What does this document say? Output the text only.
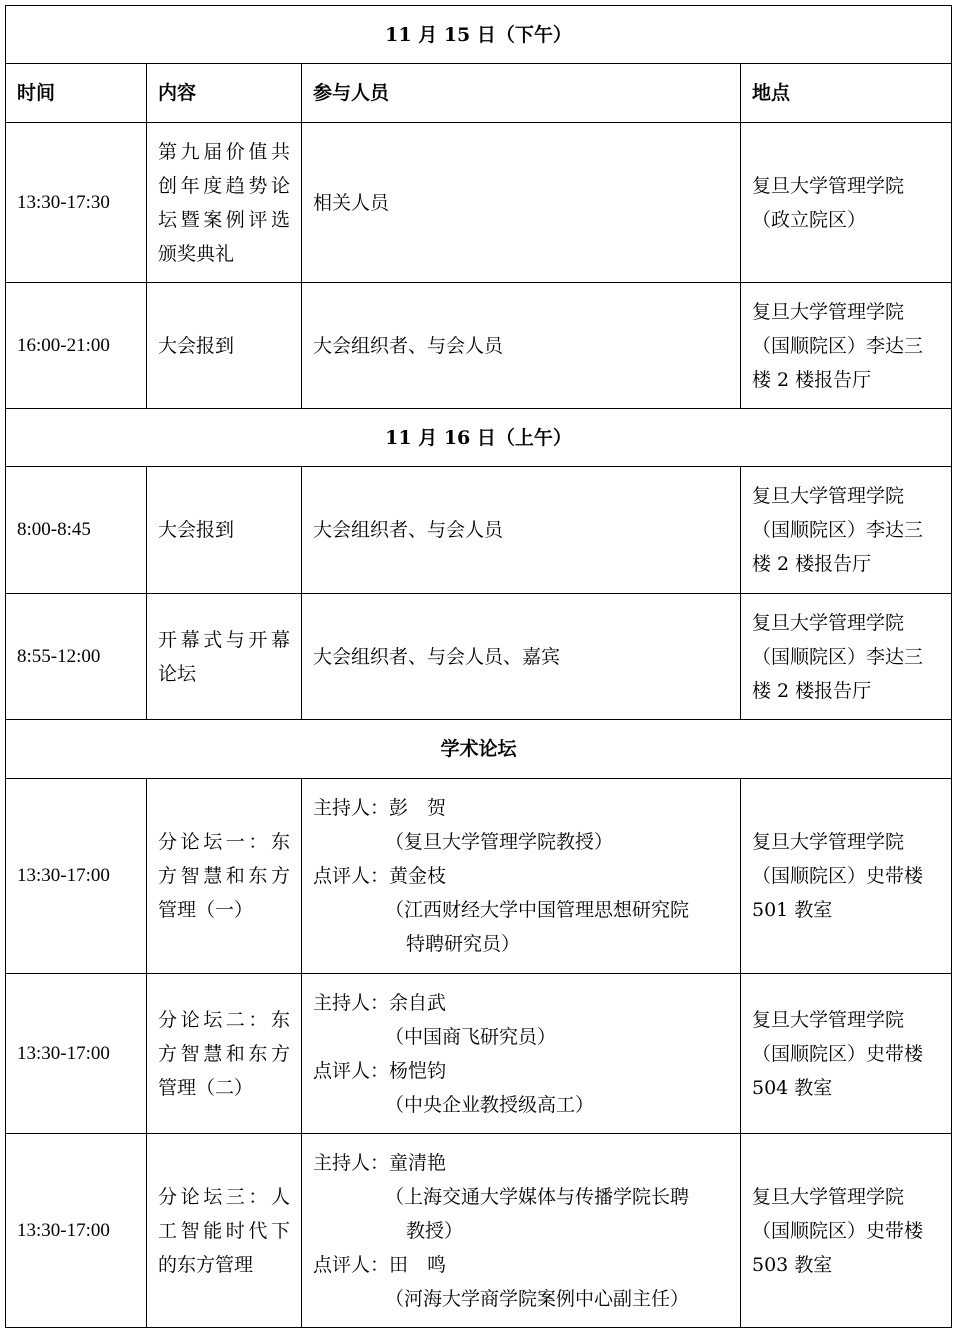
11 月 15 日（下午）			
时间	内容	参与人员	地点
13:30-17:30	第九届价值共创年度趋势论坛暨案例评选颁奖典礼	相关人员	复旦大学管理学院
（政立院区）

16:00-21:00	大会报到	大会组织者、与会人员	复旦大学管理学院
（国顺院区）李达三
楼 2 楼报告厅

11 月 16 日（上午）			
8:00-8:45	大会报到	大会组织者、与会人员	复旦大学管理学院
（国顺院区）李达三
楼 2 楼报告厅

8:55-12:00	开幕式与开幕论坛	大会组织者、与会人员、嘉宾	复旦大学管理学院
（国顺院区）李达三
楼 2 楼报告厅

学术论坛			
13:30-17:00	分论坛一：东方智慧和东方管理（一）	主持人：彭　贺
（复旦大学管理学院教授）
点评人：黄金枝
（江西财经大学中国管理思想研究院
特聘研究员）	复旦大学管理学院
（国顺院区）史带楼
501 教室

13:30-17:00	分论坛二：东方智慧和东方管理（二）	主持人：余自武
（中国商飞研究员）
点评人：杨恺钧
（中央企业教授级高工）	复旦大学管理学院
（国顺院区）史带楼
504 教室

13:30-17:00	分论坛三：人工智能时代下的东方管理	主持人：童清艳
（上海交通大学媒体与传播学院长聘
教授）
点评人：田　鸣
（河海大学商学院案例中心副主任）	复旦大学管理学院
（国顺院区）史带楼
503 教室
